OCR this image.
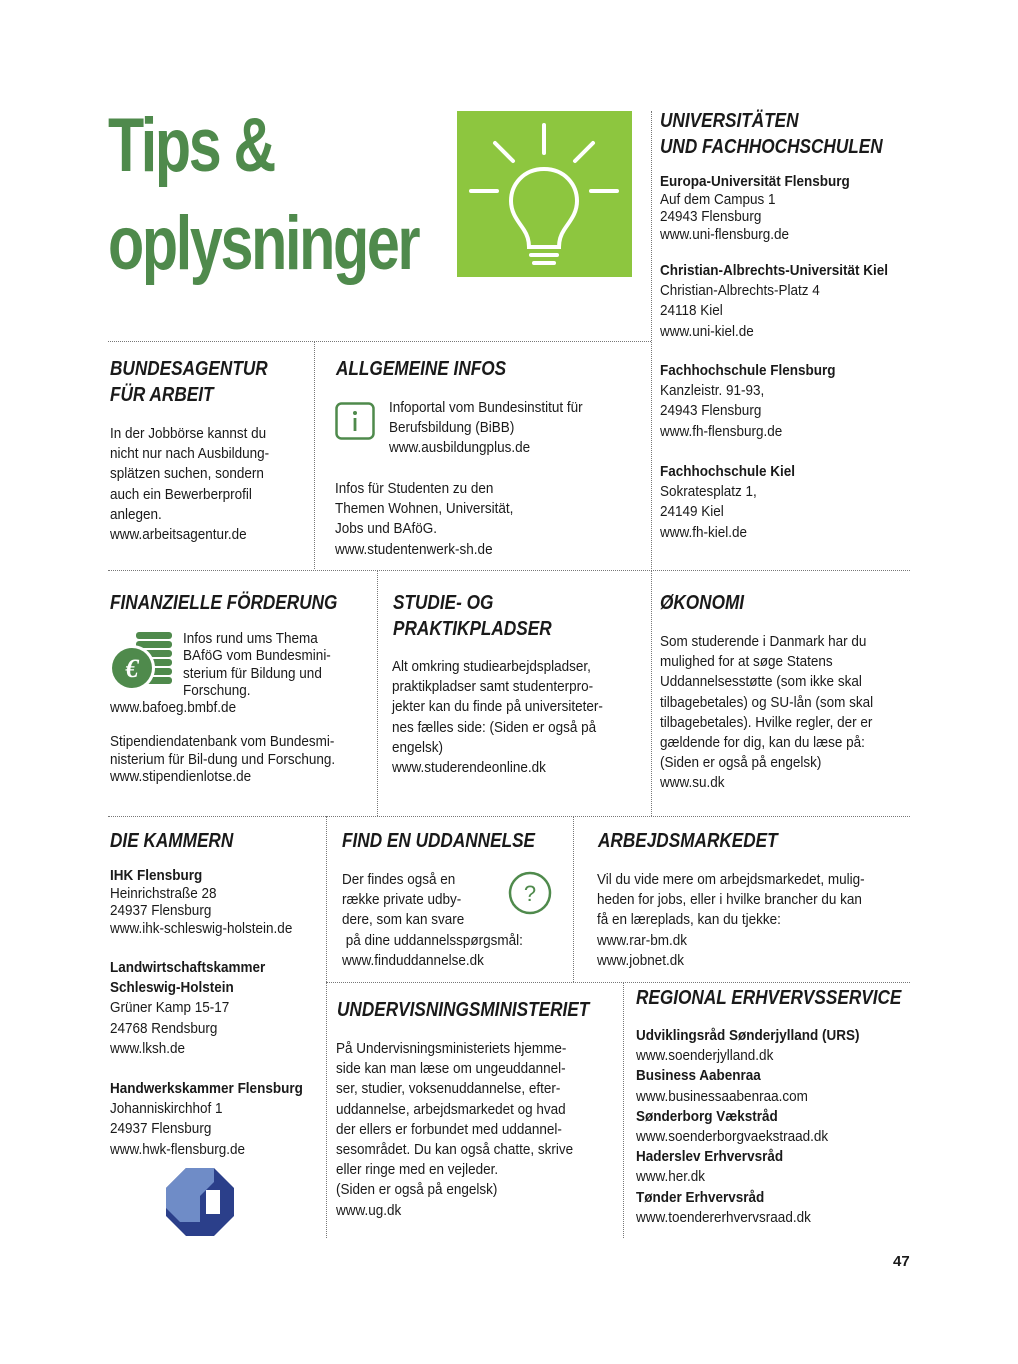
Tips &
oplysninger
UNIVERSITÄTEN
UND FACHHOCHSCHULEN
Europa-Universität Flensburg
Auf dem Campus 1
24943 Flensburg
www.uni-flensburg.de
Christian-Albrechts-Universität Kiel
Christian-Albrechts-Platz 4
24118 Kiel
www.uni-kiel.de
Fachhochschule Flensburg
Kanzleistr. 91-93,
24943 Flensburg
www.fh-flensburg.de
Fachhochschule Kiel
Sokratesplatz 1,
24149 Kiel
www.fh-kiel.de
BUNDESAGENTUR
FÜR ARBEIT
In der Jobbörse kannst du
nicht nur nach Ausbildung-
splätzen suchen, sondern
auch ein Bewerberprofil
anlegen.
www.arbeitsagentur.de
ALLGEMEINE INFOS
Infoportal vom Bundesinstitut für
Berufsbildung (BiBB)
www.ausbildungplus.de
Infos für Studenten zu den
Themen Wohnen, Universität,
Jobs und BAföG.
www.studentenwerk-sh.de
FINANZIELLE FÖRDERUNG
€
Infos rund ums Thema
BAföG vom Bundesmini-
sterium für Bildung und
Forschung.
www.bafoeg.bmbf.de
Stipendiendatenbank vom Bundesmi-
nisterium für Bil-dung und Forschung.
www.stipendienlotse.de
STUDIE- OG
PRAKTIKPLADSER
Alt omkring studiearbejdspladser,
praktikpladser samt studenterpro-
jekter kan du finde på universiteter-
nes fælles side: (Siden er også på
engelsk)
www.studerendeonline.dk
ØKONOMI
Som studerende i Danmark har du
mulighed for at søge Statens
Uddannelsesstøtte (som ikke skal
tilbagebetales) og SU-lån (som skal
tilbagebetales). Hvilke regler, der er
gældende for dig, kan du læse på:
(Siden er også på engelsk)
www.su.dk
DIE KAMMERN
IHK Flensburg
Heinrichstraße 28
24937 Flensburg
www.ihk-schleswig-holstein.de
Landwirtschaftskammer
Schleswig-Holstein
Grüner Kamp 15-17
24768 Rendsburg
www.lksh.de
Handwerkskammer Flensburg
Johanniskirchhof 1
24937 Flensburg
www.hwk-flensburg.de
FIND EN UDDANNELSE
Der findes også en
række private udby-
dere, som kan svare
på dine uddannelsspørgsmål:
www.finduddannelse.dk
?
ARBEJDSMARKEDET
Vil du vide mere om arbejdsmarkedet, mulig-
heden for jobs, eller i hvilke brancher du kan
få en læreplads, kan du tjekke:
www.rar-bm.dk
www.jobnet.dk
UNDERVISNINGSMINISTERIET
På Undervisningsministeriets hjemme-
side kan man læse om ungeuddannel-
ser, studier, voksenuddannelse, efter-
uddannelse, arbejdsmarkedet og hvad
der ellers er forbundet med uddannel-
sesområdet. Du kan også chatte, skrive
eller ringe med en vejleder.
(Siden er også på engelsk)
www.ug.dk
REGIONAL ERHVERVSSERVICE
Udviklingsråd Sønderjylland (URS)
www.soenderjylland.dk
Business Aabenraa
www.businessaabenraa.com
Sønderborg Vækstråd
www.soenderborgvaekstraad.dk
Haderslev Erhvervsråd
www.her.dk
Tønder Erhvervsråd
www.toendererhvervsraad.dk
47
